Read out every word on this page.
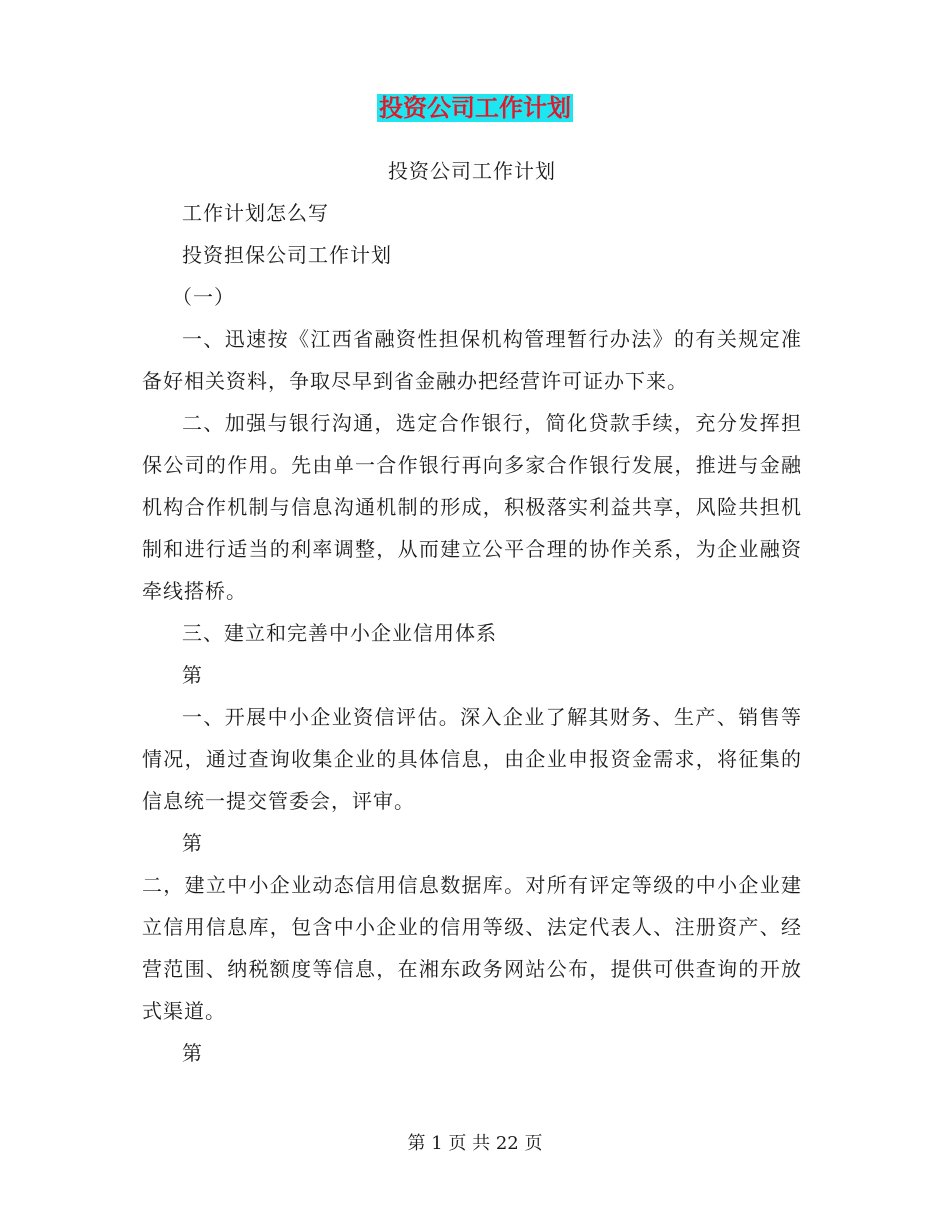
投资公司工作计划

投资公司工作计划

工作计划怎么写

投资担保公司工作计划

（一）

一、迅速按《江西省融资性担保机构管理暂行办法》的有关规定准备好相关资料，争取尽早到省金融办把经营许可证办下来。

二、加强与银行沟通，选定合作银行，简化贷款手续，充分发挥担保公司的作用。先由单一合作银行再向多家合作银行发展，推进与金融机构合作机制与信息沟通机制的形成，积极落实利益共享，风险共担机制和进行适当的利率调整，从而建立公平合理的协作关系，为企业融资牵线搭桥。

三、建立和完善中小企业信用体系

第

一、开展中小企业资信评估。深入企业了解其财务、生产、销售等情况，通过查询收集企业的具体信息，由企业申报资金需求，将征集的信息统一提交管委会，评审。

第

二，建立中小企业动态信用信息数据库。对所有评定等级的中小企业建立信用信息库，包含中小企业的信用等级、法定代表人、注册资产、经营范围、纳税额度等信息，在湘东政务网站公布，提供可供查询的开放式渠道。

第

第 1 页 共 22 页
